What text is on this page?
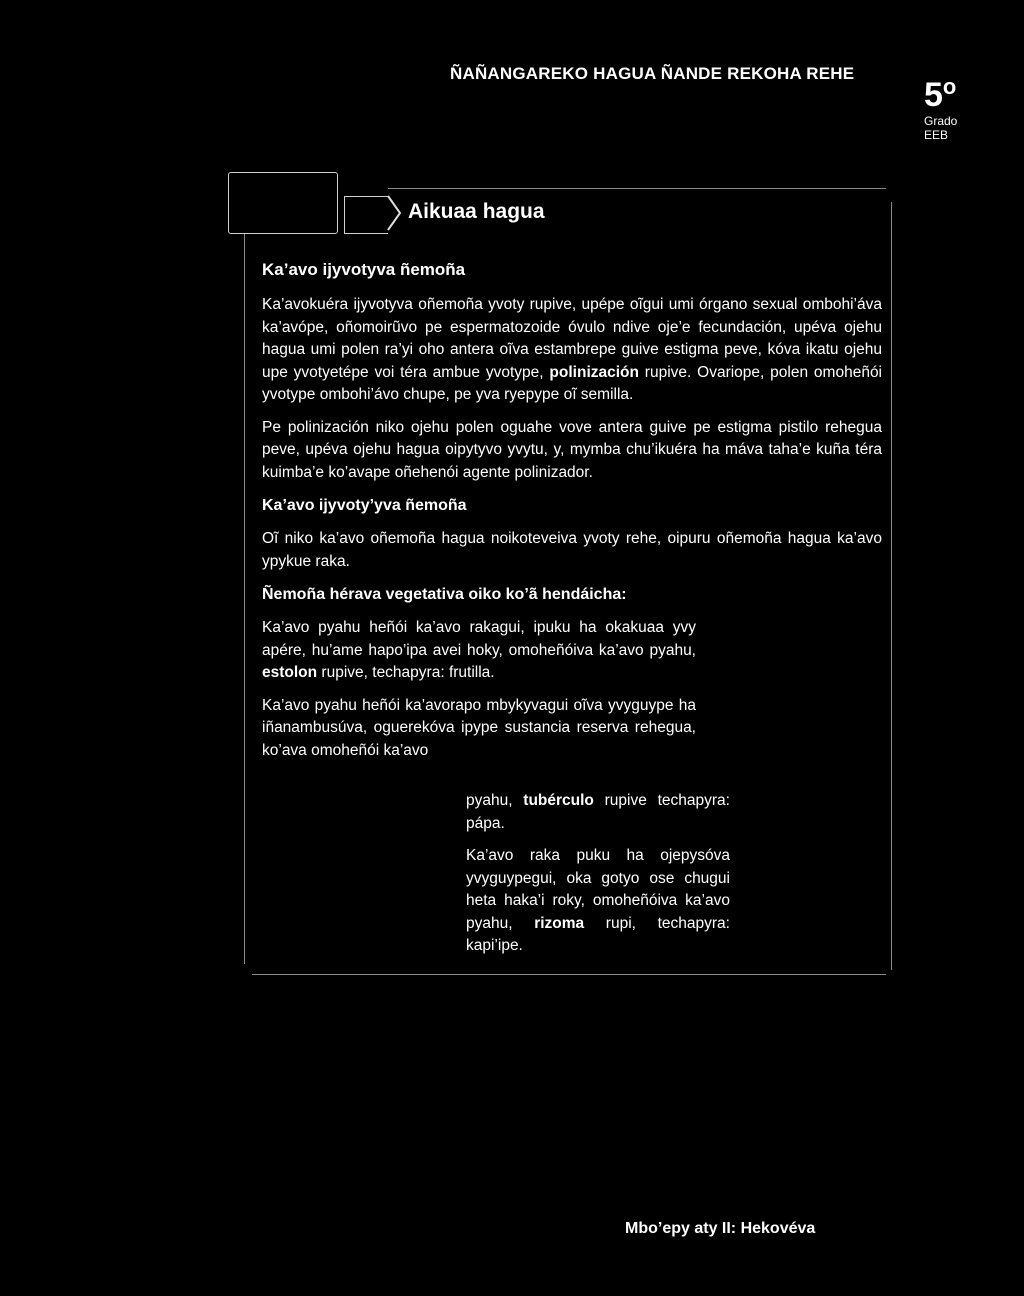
ÑAÑANGAREKO HAGUA ÑANDE REKOHA REHE
5$^o$
Grado
EEB
Aikuaa hagua
Ka’avo ijyvotyva ñemoña

Ka’avokuéra ijyvotyva oñemoña yvoty rupive, upépe oĩgui umi órgano sexual ombohi’áva ka’avópe, oñomoirũvo pe espermatozoide óvulo ndive oje’e fecundación, upéva ojehu hagua umi polen ra’yi oho antera oĩva estambrepe guive estigma peve, kóva ikatu ojehu upe yvotyetépe voi téra ambue yvotype, polinización rupive. Ovariope, polen omoheñói yvotype ombohi’ávo chupe, pe yva ryepype oĩ semilla.

Pe polinización niko ojehu polen oguahe vove antera guive pe estigma pistilo rehegua peve, upéva ojehu hagua oipytyvo yvytu, y, mymba chu’ikuéra ha máva taha’e kuña téra kuimba’e ko’avape oñehenói agente polinizador.

Ka’avo ijyvoty’yva ñemoña

Oĩ niko ka’avo oñemoña hagua noikoteveiva yvoty rehe, oipuru oñemoña hagua ka’avo ypykue raka.

Ñemoña hérava vegetativa oiko ko’ã hendáicha:

Ka’avo pyahu heñói ka’avo rakagui, ipuku ha okakuaa yvy apére, hu’ame hapo’ipa avei hoky, omoheñóiva ka’avo pyahu, estolon rupive, techapyra: frutilla.

Ka’avo pyahu heñói ka’avorapo mbykyvagui oĩva yvyguype ha iñanambusúva, oguerekóva ipype sustancia reserva rehegua, ko’ava omoheñói ka’avo

pyahu, tubérculo rupive techapyra: pápa.

Ka’avo raka puku ha ojepysóva yvyguypegui, oka gotyo ose chugui heta haka’i roky, omoheñóiva ka’avo pyahu, rizoma rupi, techapyra: kapi’ipe.

Mbo’epy aty II: Hekovéva
